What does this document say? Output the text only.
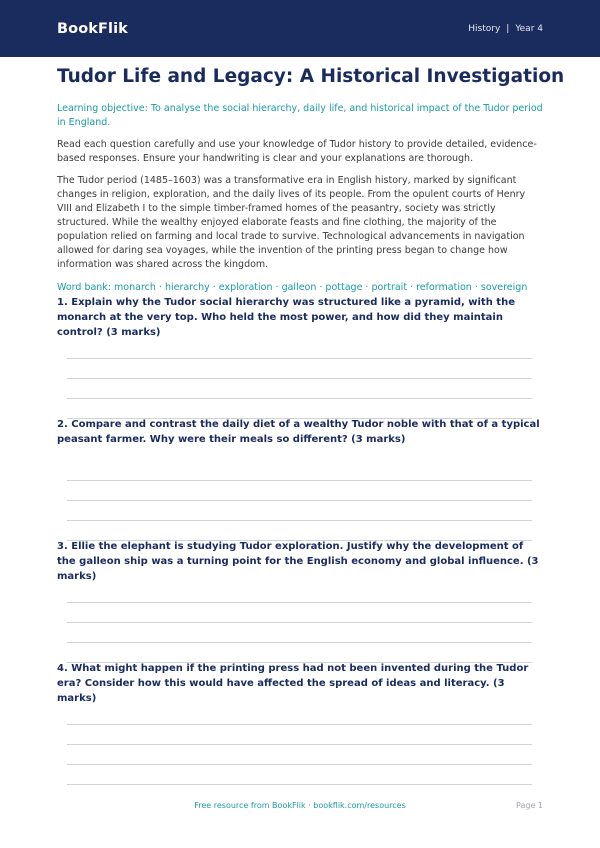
BookFlik	History | Year 4
Tudor Life and Legacy: A Historical Investigation

Learning objective: To analyse the social hierarchy, daily life, and historical impact of the Tudor period in England.

Read each question carefully and use your knowledge of Tudor history to provide detailed, evidence-based responses. Ensure your handwriting is clear and your explanations are thorough.

The Tudor period (1485–1603) was a transformative era in English history, marked by significant changes in religion, exploration, and the daily lives of its people. From the opulent courts of Henry VIII and Elizabeth I to the simple timber-framed homes of the peasantry, society was strictly structured. While the wealthy enjoyed elaborate feasts and fine clothing, the majority of the population relied on farming and local trade to survive. Technological advancements in navigation allowed for daring sea voyages, while the invention of the printing press began to change how information was shared across the kingdom.

Word bank: monarch · hierarchy · exploration · galleon · pottage · portrait · reformation · sovereign

1. Explain why the Tudor social hierarchy was structured like a pyramid, with the monarch at the very top. Who held the most power, and how did they maintain control? (3 marks)

2. Compare and contrast the daily diet of a wealthy Tudor noble with that of a typical peasant farmer. Why were their meals so different? (3 marks)

3. Ellie the elephant is studying Tudor exploration. Justify why the development of the galleon ship was a turning point for the English economy and global influence. (3 marks)

4. What might happen if the printing press had not been invented during the Tudor era? Consider how this would have affected the spread of ideas and literacy. (3 marks)

Free resource from BookFlik · bookflik.com/resources	Page 1
